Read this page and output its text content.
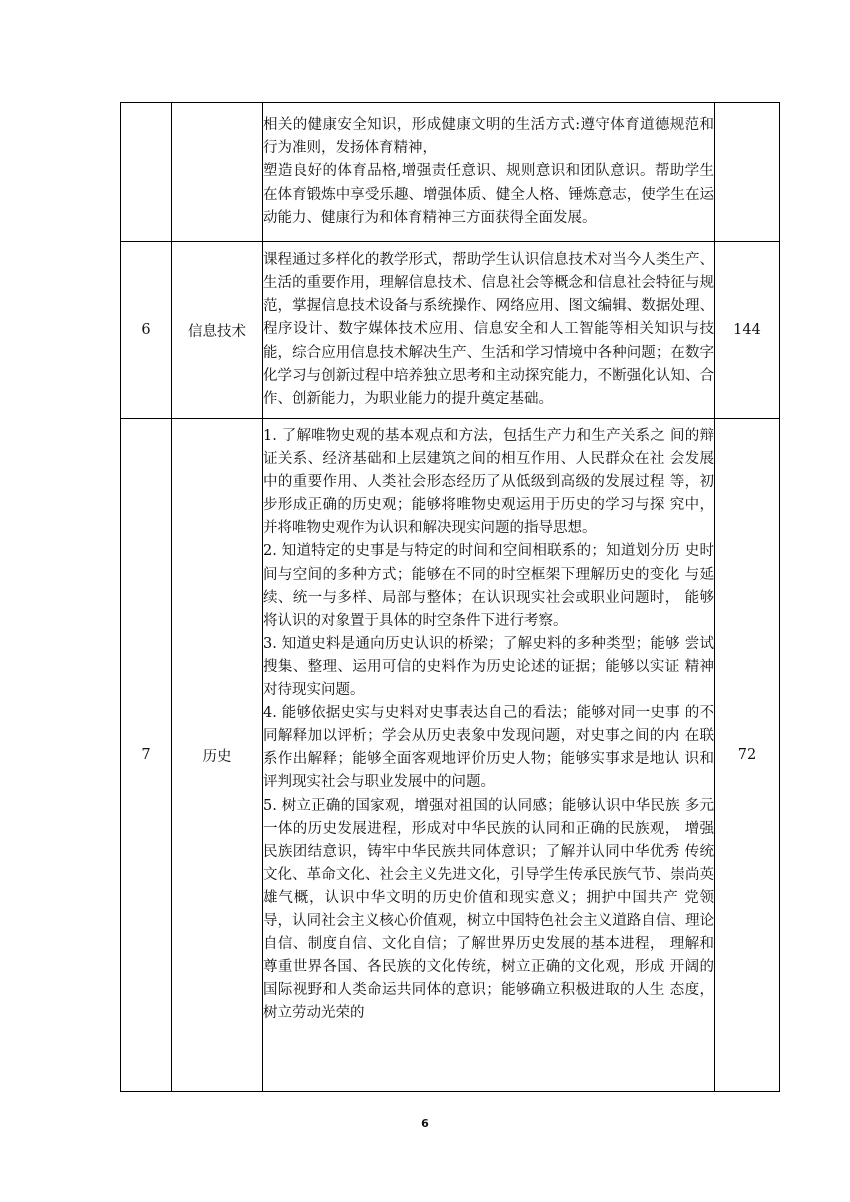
		相关的健康安全知识，形成健康文明的生活方式:遵守体育道德规范和行为准则，发扬体育精神，
塑造良好的体育品格,增强责任意识、规则意识和团队意识。帮助学生在体育锻炼中享受乐趣、增强体质、健全人格、锤炼意志，使学生在运动能力、健康行为和体育精神三方面获得全面发展。	

6	信息技术	课程通过多样化的教学形式，帮助学生认识信息技术对当今人类生产、生活的重要作用，理解信息技术、信息社会等概念和信息社会特征与规范，掌握信息技术设备与系统操作、网络应用、图文编辑、数据处理、程序设计、数字媒体技术应用、信息安全和人工智能等相关知识与技能，综合应用信息技术解决生产、生活和学习情境中各种问题；在数字化学习与创新过程中培养独立思考和主动探究能力，不断强化认知、合作、创新能力，为职业能力的提升奠定基础。	144
7	历史	1. 了解唯物史观的基本观点和方法，包括生产力和生产关系之 间的辩证关系、经济基础和上层建筑之间的相互作用、人民群众在社 会发展中的重要作用、人类社会形态经历了从低级到高级的发展过程 等，初步形成正确的历史观；能够将唯物史观运用于历史的学习与探 究中，并将唯物史观作为认识和解决现实问题的指导思想。
2. 知道特定的史事是与特定的时间和空间相联系的；知道划分历 史时间与空间的多种方式；能够在不同的时空框架下理解历史的变化 与延续、统一与多样、局部与整体；在认识现实社会或职业问题时， 能够将认识的对象置于具体的时空条件下进行考察。
3. 知道史料是通向历史认识的桥梁；了解史料的多种类型；能够 尝试搜集、整理、运用可信的史料作为历史论述的证据；能够以实证 精神对待现实问题。
4. 能够依据史实与史料对史事表达自己的看法；能够对同一史事 的不同解释加以评析；学会从历史表象中发现问题，对史事之间的内 在联系作出解释；能够全面客观地评价历史人物；能够实事求是地认 识和评判现实社会与职业发展中的问题。
5. 树立正确的国家观，增强对祖国的认同感；能够认识中华民族 多元一体的历史发展进程，形成对中华民族的认同和正确的民族观， 增强民族团结意识，铸牢中华民族共同体意识；了解并认同中华优秀 传统文化、革命文化、社会主义先进文化，引导学生传承民族气节、崇尚英雄气概，认识中华文明的历史价值和现实意义；拥护中国共产 党领导，认同社会主义核心价值观，树立中国特色社会主义道路自信、理论自信、制度自信、文化自信；了解世界历史发展的基本进程， 理解和尊重世界各国、各民族的文化传统，树立正确的文化观，形成 开阔的国际视野和人类命运共同体的意识；能够确立积极进取的人生 态度，树立劳动光荣的	72
6
